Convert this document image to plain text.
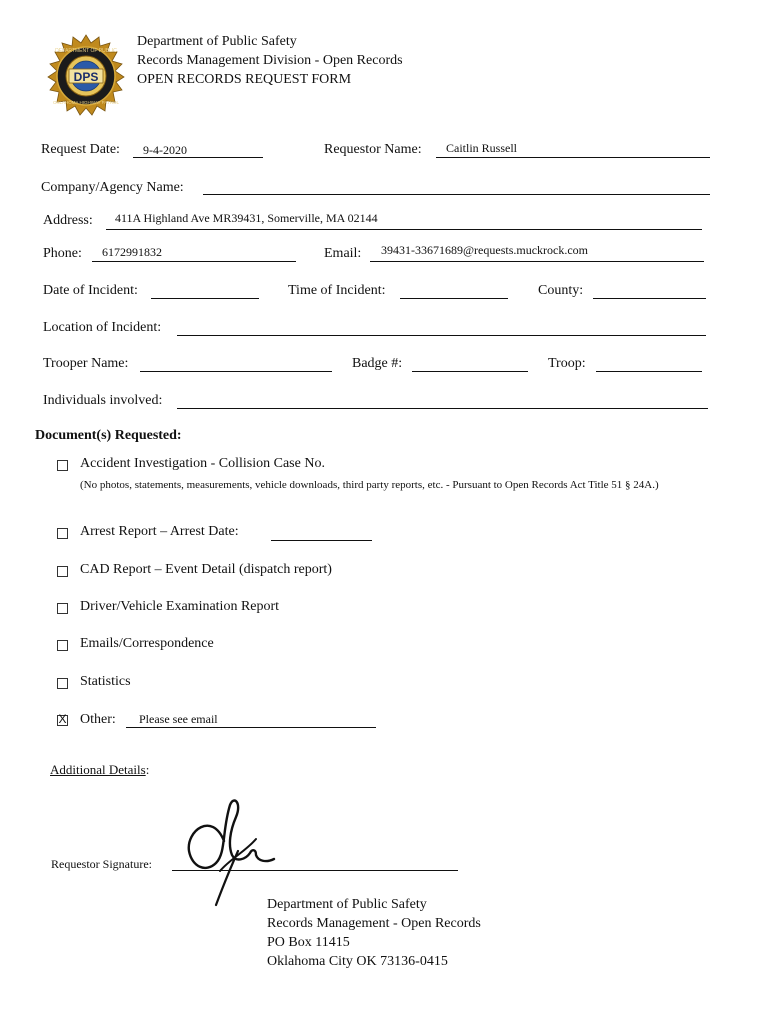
DPS
DEPARTMENT OF PUBLIC
OKLAHOMA HIGHWAY PATROL
Department of Public Safety
Records Management Division - Open Records
OPEN RECORDS REQUEST FORM
Request Date: 9-4-2020	Requestor Name: Caitlin Russell
Company/Agency Name:
Address: 411A Highland Ave MR39431, Somerville, MA 02144
Phone: 6172991832	Email: 39431-33671689@requests.muckrock.com
Date of Incident:	Time of Incident:	County:
Location of Incident:
Trooper Name:	Badge #:	Troop:
Individuals involved:
Document(s) Requested:
Accident Investigation - Collision Case No.
(No photos, statements, measurements, vehicle downloads, third party reports, etc. - Pursuant to Open Records Act Title 51 § 24A.)
Arrest Report – Arrest Date:
CAD Report – Event Detail (dispatch report)
Driver/Vehicle Examination Report
Emails/Correspondence
Statistics
X Other: Please see email
Additional Details:
Requestor Signature:
Department of Public Safety
Records Management - Open Records
PO Box 11415
Oklahoma City OK 73136-0415
